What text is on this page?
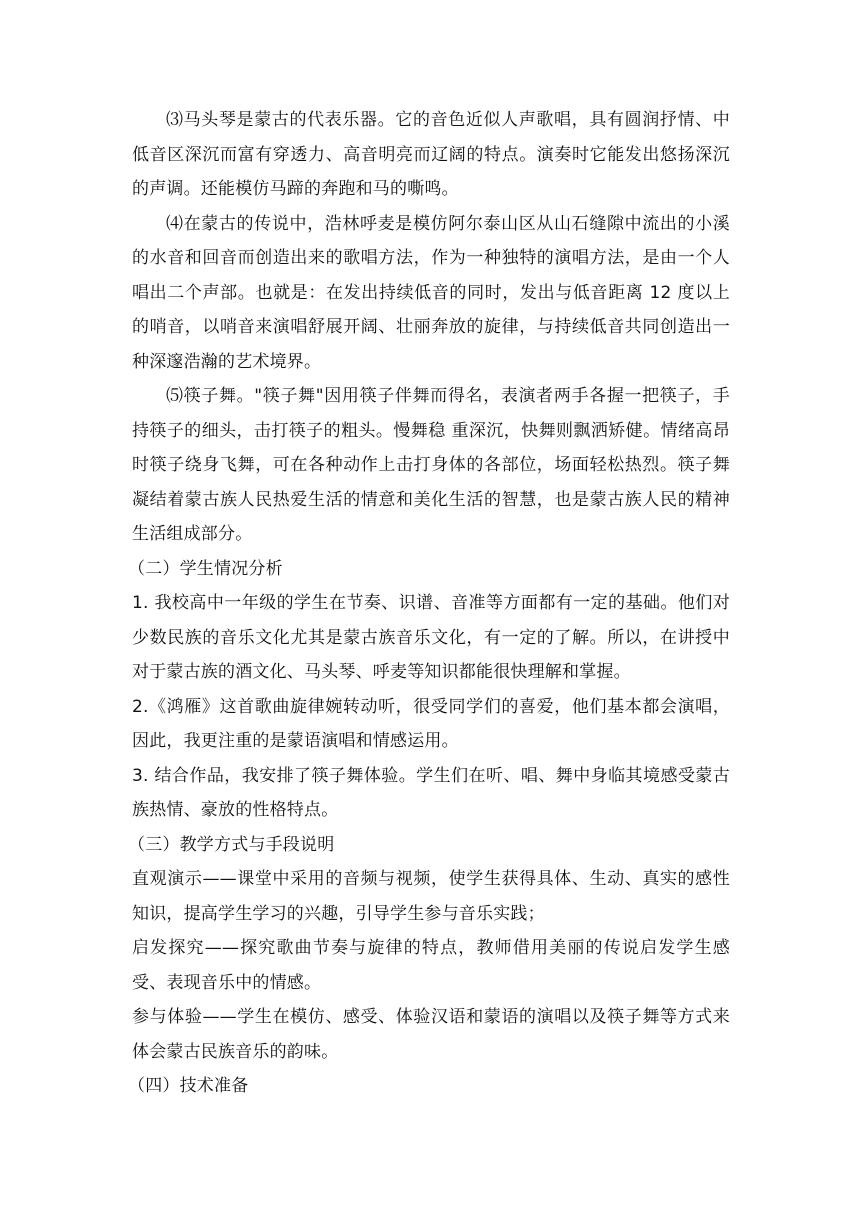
⑶马头琴是蒙古的代表乐器。它的音色近似人声歌唱，具有圆润抒情、中低音区深沉而富有穿透力、高音明亮而辽阔的特点。演奏时它能发出悠扬深沉的声调。还能模仿马蹄的奔跑和马的嘶鸣。

⑷在蒙古的传说中，浩林呼麦是模仿阿尔泰山区从山石缝隙中流出的小溪的水音和回音而创造出来的歌唱方法，作为一种独特的演唱方法，是由一个人唱出二个声部。也就是：在发出持续低音的同时，发出与低音距离 12 度以上的哨音，以哨音来演唱舒展开阔、壮丽奔放的旋律，与持续低音共同创造出一种深邃浩瀚的艺术境界。

⑸筷子舞。"筷子舞"因用筷子伴舞而得名，表演者两手各握一把筷子，手持筷子的细头，击打筷子的粗头。慢舞稳 重深沉，快舞则飘洒矫健。情绪高昂时筷子绕身飞舞，可在各种动作上击打身体的各部位，场面轻松热烈。筷子舞凝结着蒙古族人民热爱生活的情意和美化生活的智慧，也是蒙古族人民的精神生活组成部分。

（二）学生情况分析

1. 我校高中一年级的学生在节奏、识谱、音准等方面都有一定的基础。他们对少数民族的音乐文化尤其是蒙古族音乐文化，有一定的了解。所以，在讲授中对于蒙古族的酒文化、马头琴、呼麦等知识都能很快理解和掌握。

2.《鸿雁》这首歌曲旋律婉转动听，很受同学们的喜爱，他们基本都会演唱，因此，我更注重的是蒙语演唱和情感运用。

3. 结合作品，我安排了筷子舞体验。学生们在听、唱、舞中身临其境感受蒙古族热情、豪放的性格特点。

（三）教学方式与手段说明

直观演示——课堂中采用的音频与视频，使学生获得具体、生动、真实的感性知识，提高学生学习的兴趣，引导学生参与音乐实践；

启发探究——探究歌曲节奏与旋律的特点，教师借用美丽的传说启发学生感受、表现音乐中的情感。

参与体验——学生在模仿、感受、体验汉语和蒙语的演唱以及筷子舞等方式来体会蒙古民族音乐的韵味。

（四）技术准备
